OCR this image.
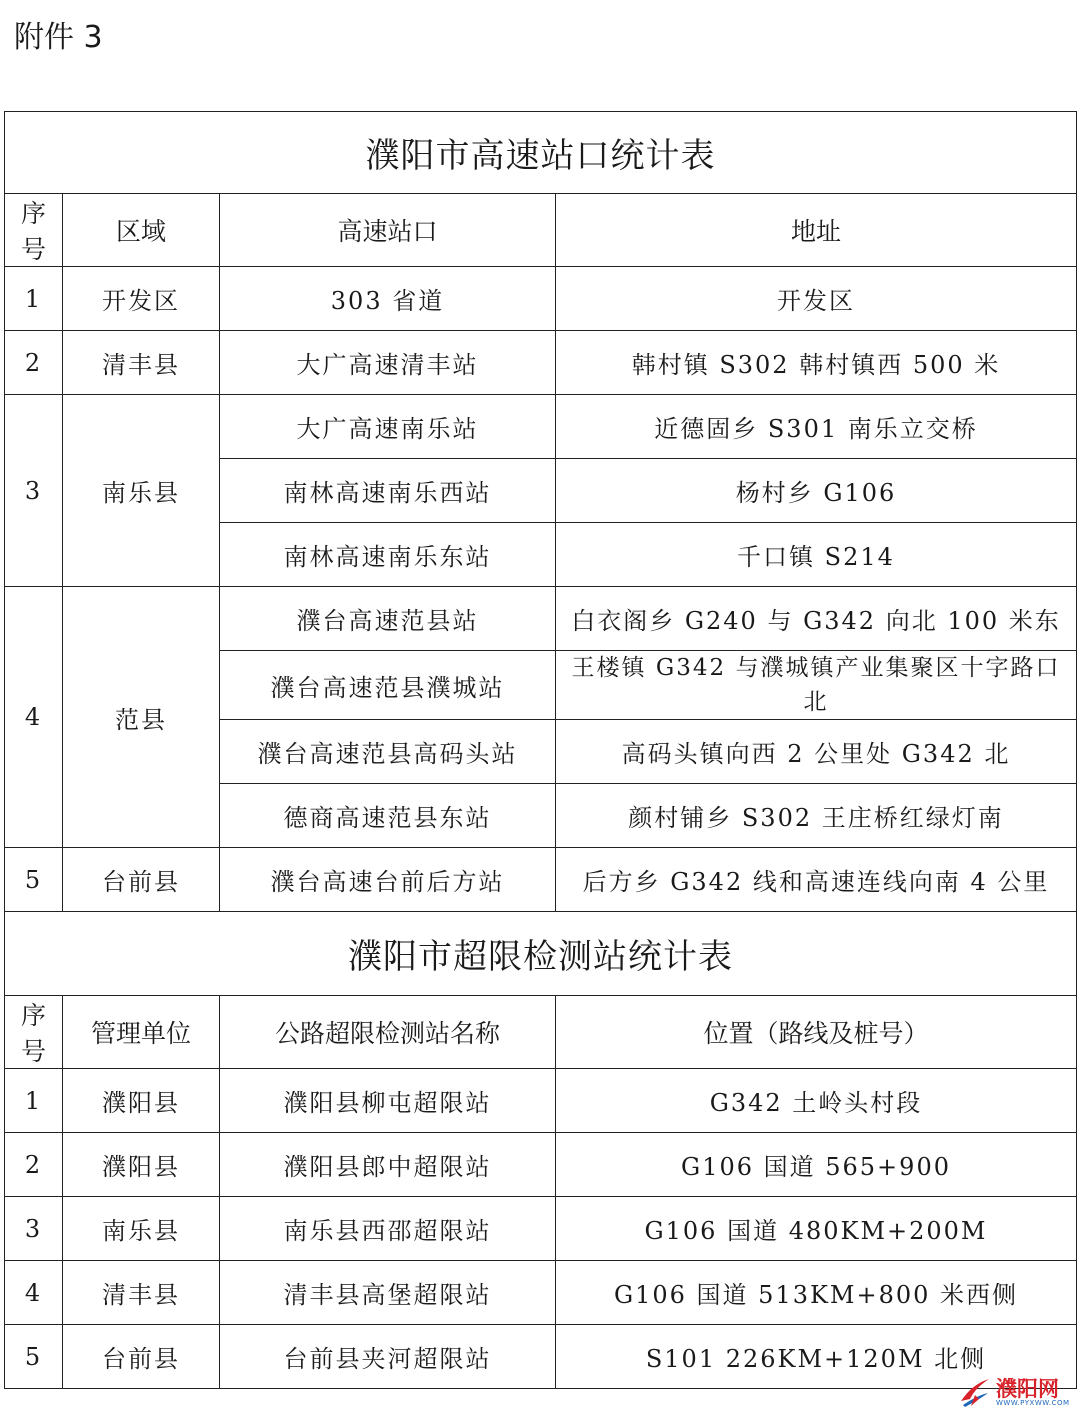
附件 3
濮阳市高速站口统计表			
序号	区域	高速站口	地址
1	开发区	303 省道	开发区
2	清丰县	大广高速清丰站	韩村镇 S302 韩村镇西 500 米
3	南乐县	大广高速南乐站	近德固乡 S301 南乐立交桥
		南林高速南乐西站	杨村乡 G106
		南林高速南乐东站	千口镇 S214
4	范县	濮台高速范县站	白衣阁乡 G240 与 G342 向北 100 米东
		濮台高速范县濮城站	王楼镇 G342 与濮城镇产业集聚区十字路口北
		濮台高速范县高码头站	高码头镇向西 2 公里处 G342 北
		德商高速范县东站	颜村铺乡 S302 王庄桥红绿灯南
5	台前县	濮台高速台前后方站	后方乡 G342 线和高速连线向南 4 公里
濮阳市超限检测站统计表			
序号	管理单位	公路超限检测站名称	位置（路线及桩号）
1	濮阳县	濮阳县柳屯超限站	G342 土岭头村段
2	濮阳县	濮阳县郎中超限站	G106 国道 565+900
3	南乐县	南乐县西邵超限站	G106 国道 480KM+200M
4	清丰县	清丰县高堡超限站	G106 国道 513KM+800 米西侧
5	台前县	台前县夹河超限站	S101 226KM+120M 北侧
濮阳网
WWW.PYXWW.COM
